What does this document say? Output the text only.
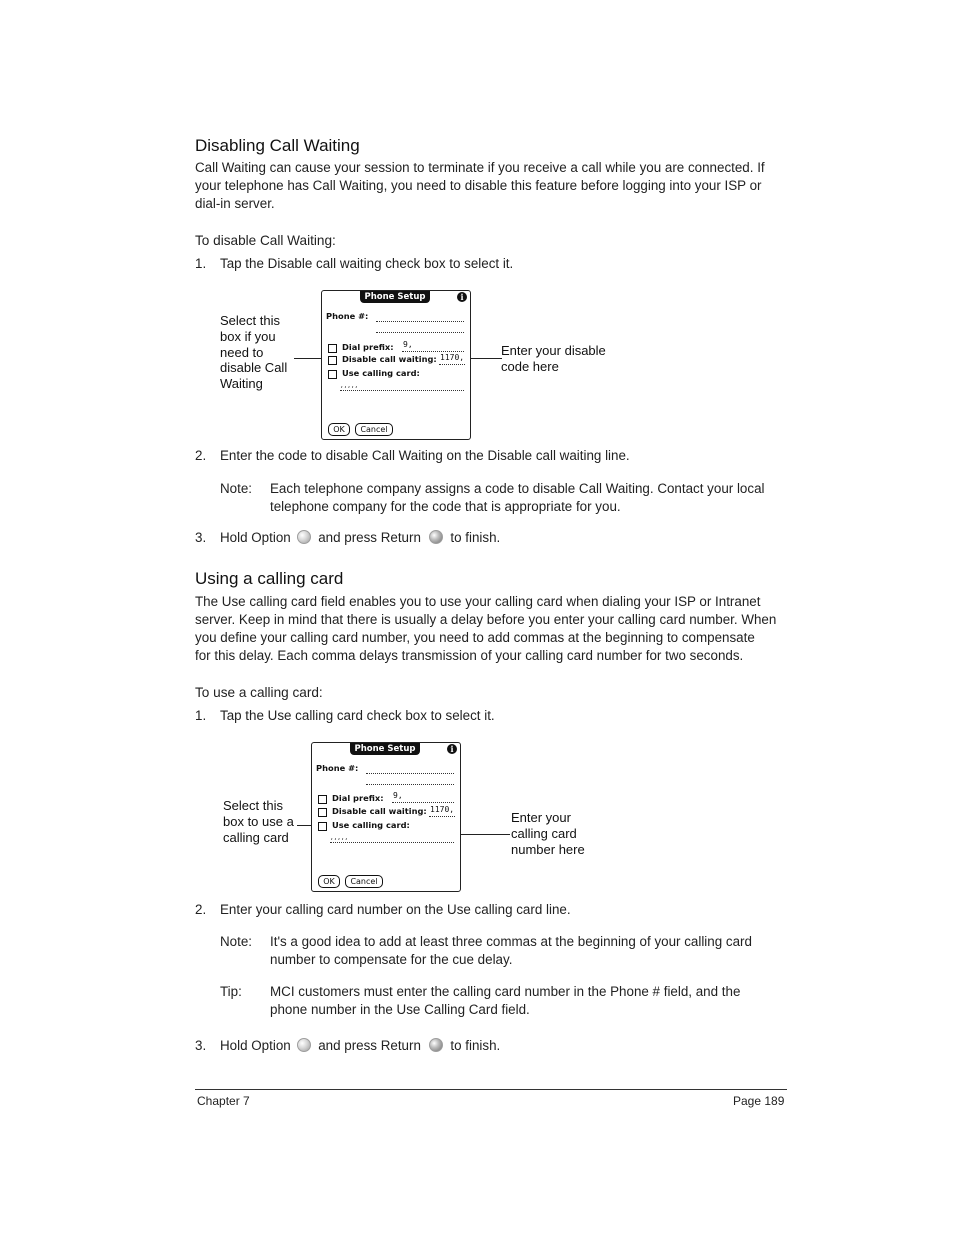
Disabling Call Waiting
Call Waiting can cause your session to terminate if you receive a call while you are connected. If
your telephone has Call Waiting, you need to disable this feature before logging into your ISP or
dial-in server.
To disable Call Waiting:
1. Tap the Disable call waiting check box to select it.
Select this
box if you
need to
disable Call
Waiting
Enter your disable
code here
Phone Setup	i
Phone #:
Dial prefix: 9,
Disable call waiting: 1170,
Use calling card:
,,,,,
OK	Cancel
2. Enter the code to disable Call Waiting on the Disable call waiting line.
Note: Each telephone company assigns a code to disable Call Waiting. Contact your local
telephone company for the code that is appropriate for you.
3. Hold Option and press Return to finish.
Using a calling card
The Use calling card field enables you to use your calling card when dialing your ISP or Intranet
server. Keep in mind that there is usually a delay before you enter your calling card number. When
you define your calling card number, you need to add commas at the beginning to compensate
for this delay. Each comma delays transmission of your calling card number for two seconds.
To use a calling card:
1. Tap the Use calling card check box to select it.
Select this
box to use a
calling card
Enter your
calling card
number here
Phone Setup	i
Phone #:
Dial prefix: 9,
Disable call waiting: 1170,
Use calling card:
,,,,,
OK	Cancel
2. Enter your calling card number on the Use calling card line.
Note: It's a good idea to add at least three commas at the beginning of your calling card
number to compensate for the cue delay.
Tip: MCI customers must enter the calling card number in the Phone # field, and the
phone number in the Use Calling Card field.
3. Hold Option and press Return to finish.
Chapter 7	Page 189
